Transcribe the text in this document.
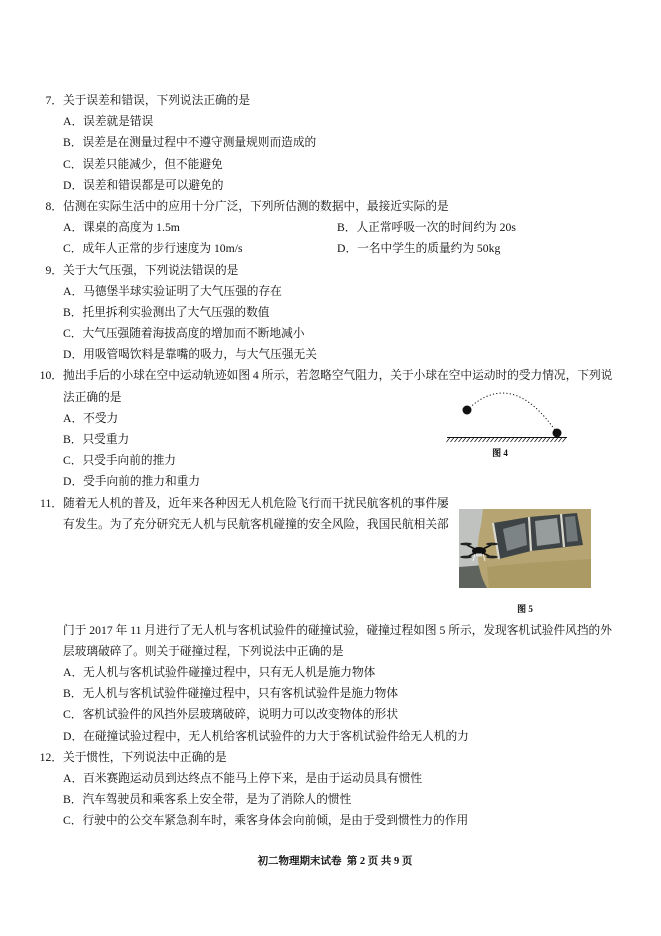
7． 关于误差和错误，下列说法正确的是
A．误差就是错误
B．误差是在测量过程中不遵守测量规则而造成的
C．误差只能减少，但不能避免
D．误差和错误都是可以避免的
8． 估测在实际生活中的应用十分广泛，下列所估测的数据中，最接近实际的是
A．课桌的高度为 1.5m	B．人正常呼吸一次的时间约为 20s
C．成年人正常的步行速度为 10m/s	D．一名中学生的质量约为 50kg
9． 关于大气压强，下列说法错误的是
A．马德堡半球实验证明了大气压强的存在
B．托里拆利实验测出了大气压强的数值
C．大气压强随着海拔高度的增加而不断地减小
D．用吸管喝饮料是靠嘴的吸力，与大气压强无关
10． 抛出手后的小球在空中运动轨迹如图 4 所示，若忽略空气阻力，关于小球在空中运动时的受力情况，下列说
法正确的是
A．不受力
B．只受重力
C．只受手向前的推力
D．受手向前的推力和重力
11． 随着无人机的普及，近年来各种因无人机危险飞行而干扰民航客机的事件屡
有发生。为了充分研究无人机与民航客机碰撞的安全风险，我国民航相关部
门于 2017 年 11 月进行了无人机与客机试验件的碰撞试验，碰撞过程如图 5 所示，发现客机试验件风挡的外
层玻璃破碎了。则关于碰撞过程，下列说法中正确的是
A．无人机与客机试验件碰撞过程中，只有无人机是施力物体
B．无人机与客机试验件碰撞过程中，只有客机试验件是施力物体
C．客机试验件的风挡外层玻璃破碎，说明力可以改变物体的形状
D．在碰撞试验过程中，无人机给客机试验件的力大于客机试验件给无人机的力
12． 关于惯性，下列说法中正确的是
A．百米赛跑运动员到达终点不能马上停下来，是由于运动员具有惯性
B．汽车驾驶员和乘客系上安全带，是为了消除人的惯性
C．行驶中的公交车紧急刹车时，乘客身体会向前倾，是由于受到惯性力的作用
图 4
图 5
初二物理期末试卷  第 2 页 共 9 页
